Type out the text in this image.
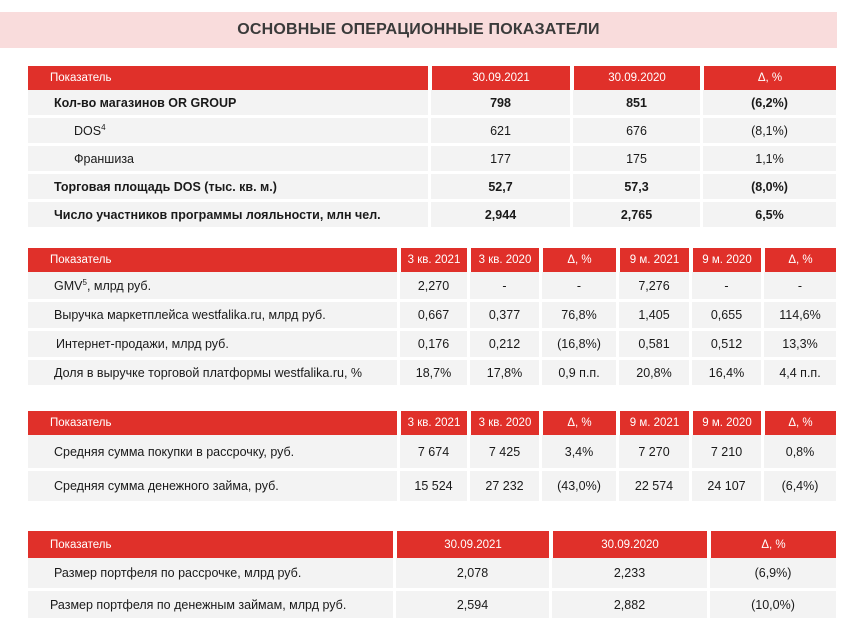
ОСНОВНЫЕ ОПЕРАЦИОННЫЕ ПОКАЗАТЕЛИ
Показатель	30.09.2021	30.09.2020	Δ, %
Кол-во магазинов OR GROUP	798	851	(6,2%)
DOS$^4$	621	676	(8,1%)
Франшиза	177	175	1,1%
Торговая площадь DOS (тыс. кв. м.)	52,7	57,3	(8,0%)
Число участников программы лояльности, млн чел.	2,944	2,765	6,5%
Показатель	3 кв. 2021	3 кв. 2020	Δ, %	9 м. 2021	9 м. 2020	Δ, %
GMV$^5$, млрд руб.	2,270	-	-	7,276	-	-
Выручка маркетплейса westfalika.ru, млрд руб.	0,667	0,377	76,8%	1,405	0,655	114,6%
Интернет-продажи, млрд руб.	0,176	0,212	(16,8%)	0,581	0,512	13,3%
Доля в выручке торговой платформы westfalika.ru, %	18,7%	17,8%	0,9 п.п.	20,8%	16,4%	4,4 п.п.
Показатель	3 кв. 2021	3 кв. 2020	Δ, %	9 м. 2021	9 м. 2020	Δ, %
Средняя сумма покупки в рассрочку, руб.	7 674	7 425	3,4%	7 270	7 210	0,8%
Средняя сумма денежного займа, руб.	15 524	27 232	(43,0%)	22 574	24 107	(6,4%)
Показатель	30.09.2021	30.09.2020	Δ, %
Размер портфеля по рассрочке, млрд руб.	2,078	2,233	(6,9%)
Размер портфеля по денежным займам, млрд руб.	2,594	2,882	(10,0%)
